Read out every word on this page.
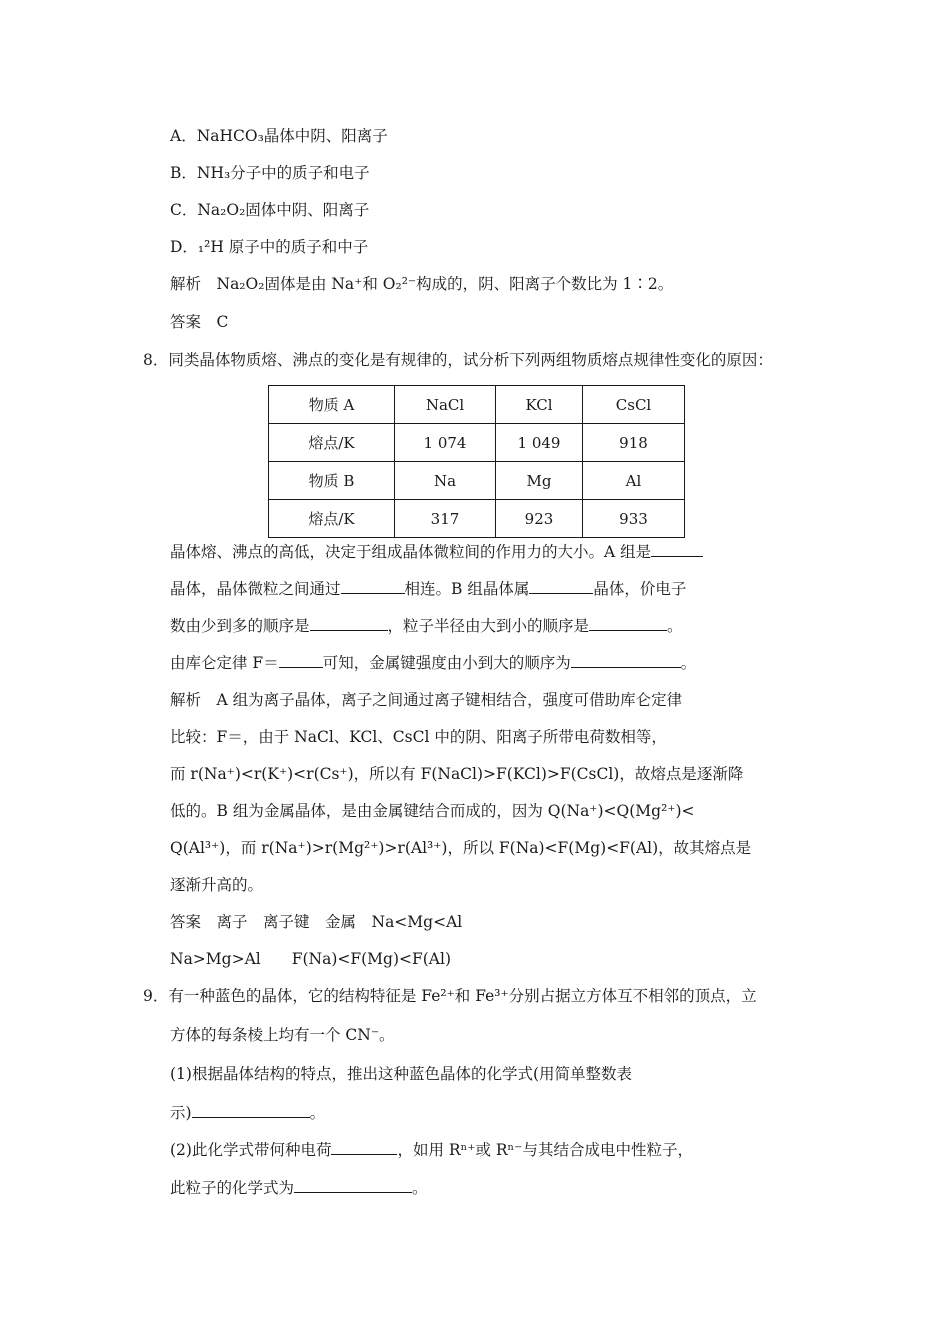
A．NaHCO₃晶体中阴、阳离子
B．NH₃分子中的质子和电子
C．Na₂O₂固体中阴、阳离子
D．₁²H 原子中的质子和中子
解析　Na₂O₂固体是由 Na⁺和 O₂²⁻构成的，阴、阳离子个数比为 1∶2。
答案　C
8．同类晶体物质熔、沸点的变化是有规律的，试分析下列两组物质熔点规律性变化的原因：
物质 A	NaCl	KCl	CsCl
熔点/K	1 074	1 049	918
物质 B	Na	Mg	Al
熔点/K	317	923	933
晶体熔、沸点的高低，决定于组成晶体微粒间的作用力的大小。A 组是
晶体，晶体微粒之间通过	相连。B 组晶体属	晶体，价电子
数由少到多的顺序是	，粒子半径由大到小的顺序是	。
由库仑定律 F＝	可知，金属键强度由小到大的顺序为	。
解析　A 组为离子晶体，离子之间通过离子键相结合，强度可借助库仑定律
比较：F＝，由于 NaCl、KCl、CsCl 中的阴、阳离子所带电荷数相等，
而 r(Na⁺)<r(K⁺)<r(Cs⁺)，所以有 F(NaCl)>F(KCl)>F(CsCl)，故熔点是逐渐降
低的。B 组为金属晶体，是由金属键结合而成的，因为 Q(Na⁺)<Q(Mg²⁺)<
Q(Al³⁺)，而 r(Na⁺)>r(Mg²⁺)>r(Al³⁺)，所以 F(Na)<F(Mg)<F(Al)，故其熔点是
逐渐升高的。
答案　离子　离子键　金属　Na<Mg<Al
Na>Mg>Al　　F(Na)<F(Mg)<F(Al)
9．有一种蓝色的晶体，它的结构特征是 Fe²⁺和 Fe³⁺分别占据立方体互不相邻的顶点，立
方体的每条棱上均有一个 CN⁻。
(1)根据晶体结构的特点，推出这种蓝色晶体的化学式(用简单整数表
示)	。
(2)此化学式带何种电荷	，如用 Rⁿ⁺或 Rⁿ⁻与其结合成电中性粒子，
此粒子的化学式为	。
